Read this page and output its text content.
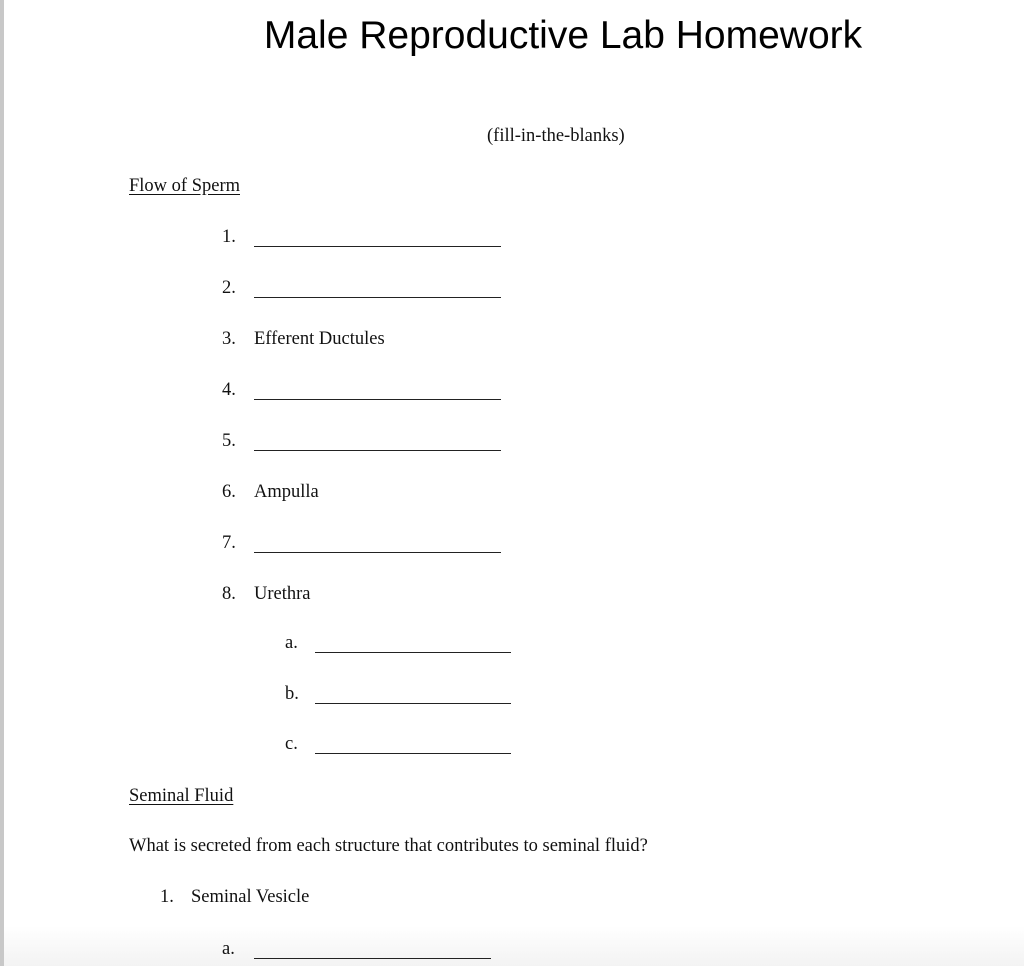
Male Reproductive Lab Homework
(fill-in-the-blanks)
Flow of Sperm
1.
2.
3. Efferent Ductules
4.
5.
6. Ampulla
7.
8. Urethra
a.
b.
c.
Seminal Fluid
What is secreted from each structure that contributes to seminal fluid?
1. Seminal Vesicle
a.
